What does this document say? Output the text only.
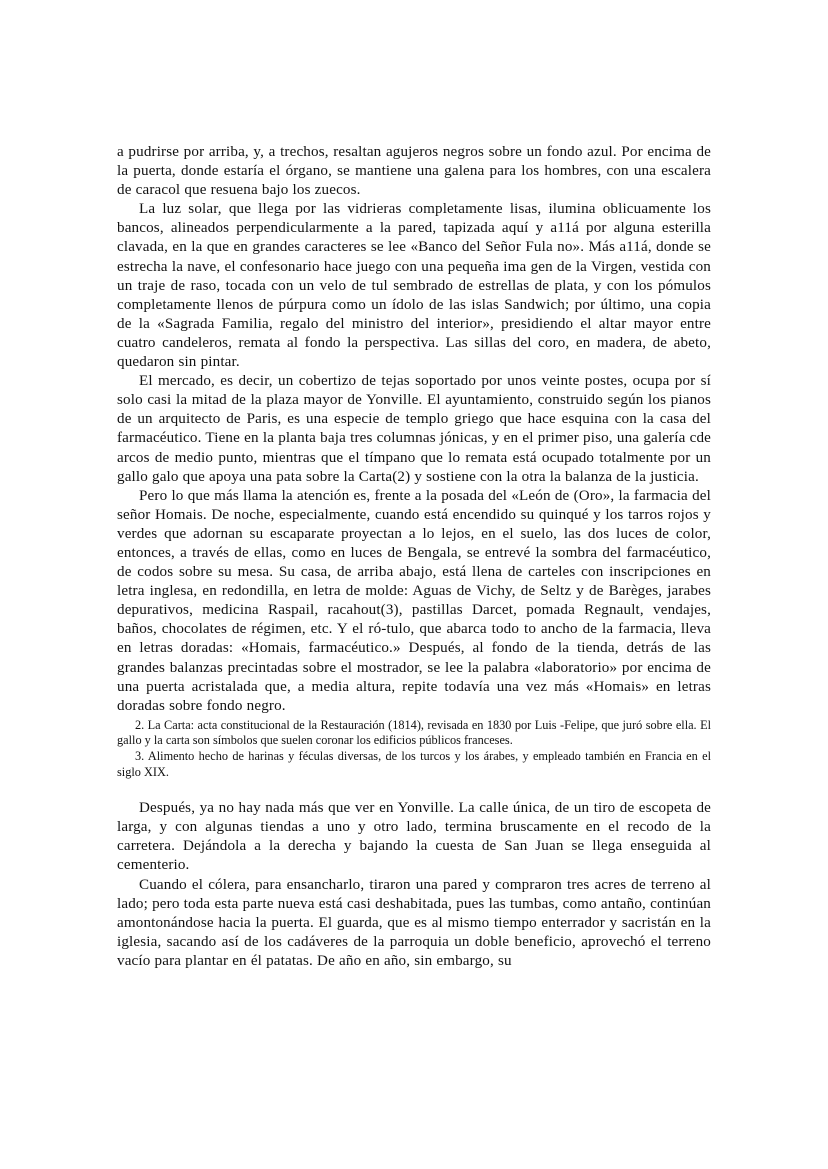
a pudrirse por arriba, y, a trechos, resaltan agujeros negros sobre un fondo azul. Por encima de la puerta, donde estaría el órgano, se mantiene una galena para los hombres, con una escalera de caracol que resuena bajo los zuecos.

La luz solar, que llega por las vidrieras completamente lisas, ilumina oblicuamente los bancos, alineados perpendicularmente a la pared, tapizada aquí y a11á por alguna esterilla clavada, en la que en grandes caracteres se lee «Banco del Señor Fula no». Más a11á, donde se estrecha la nave, el confesonario hace juego con una pequeña ima gen de la Virgen, vestida con un traje de raso, tocada con un velo de tul sembrado de estrellas de plata, y con los pómulos completamente llenos de púrpura como un ídolo de las islas Sandwich; por último, una copia de la «Sagrada Familia, regalo del ministro del interior», presidiendo el altar mayor entre cuatro candeleros, remata al fondo la perspectiva. Las sillas del coro, en madera, de abeto, quedaron sin pintar.

El mercado, es decir, un cobertizo de tejas soportado por unos veinte postes, ocupa por sí solo casi la mitad de la plaza mayor de Yonville. El ayuntamiento, construido según los pianos de un arquitecto de Paris, es una especie de templo griego que hace esquina con la casa del farmacéutico. Tiene en la planta baja tres columnas jónicas, y en el primer piso, una galería cde arcos de medio punto, mientras que el tímpano que lo remata está ocupado totalmente por un gallo galo que apoya una pata sobre la Carta(2) y sostiene con la otra la balanza de la justicia.

Pero lo que más llama la atención es, frente a la posada del «León de (Oro», la farmacia del señor Homais. De noche, especialmente, cuando está encendido su quinqué y los tarros rojos y verdes que adornan su escaparate proyectan a lo lejos, en el suelo, las dos luces de color, entonces, a través de ellas, como en luces de Bengala, se entrevé la sombra del farmacéutico, de codos sobre su mesa. Su casa, de arriba abajo, está llena de carteles con inscripciones en letra inglesa, en redondilla, en letra de molde: Aguas de Vichy, de Seltz y de Barèges, jarabes depurativos, medicina Raspail, racahout(3), pastillas Darcet, pomada Regnault, vendajes, baños, chocolates de régimen, etc. Y el ró-tulo, que abarca todo to ancho de la farmacia, lleva en letras doradas: «Homais, farmacéutico.» Después, al fondo de la tienda, detrás de las grandes balanzas precintadas sobre el mostrador, se lee la palabra «laboratorio» por encima de una puerta acristalada que, a media altura, repite todavía una vez más «Homais» en letras doradas sobre fondo negro.

2. La Carta: acta constitucional de la Restauración (1814), revisada en 1830 por Luis -Felipe, que juró sobre ella. El gallo y la carta son símbolos que suelen coronar los edificios públicos franceses.

3. Alimento hecho de harinas y féculas diversas, de los turcos y los árabes, y empleado también en Francia en el siglo XIX.

Después, ya no hay nada más que ver en Yonville. La calle única, de un tiro de escopeta de larga, y con algunas tiendas a uno y otro lado, termina bruscamente en el recodo de la carretera. Dejándola a la derecha y bajando la cuesta de San Juan se llega enseguida al cementerio.

Cuando el cólera, para ensancharlo, tiraron una pared y compraron tres acres de terreno al lado; pero toda esta parte nueva está casi deshabitada, pues las tumbas, como antaño, continúan amontonándose hacia la puerta. El guarda, que es al mismo tiempo enterrador y sacristán en la iglesia, sacando así de los cadáveres de la parroquia un doble beneficio, aprovechó el terreno vacío para plantar en él patatas. De año en año, sin embargo, su
